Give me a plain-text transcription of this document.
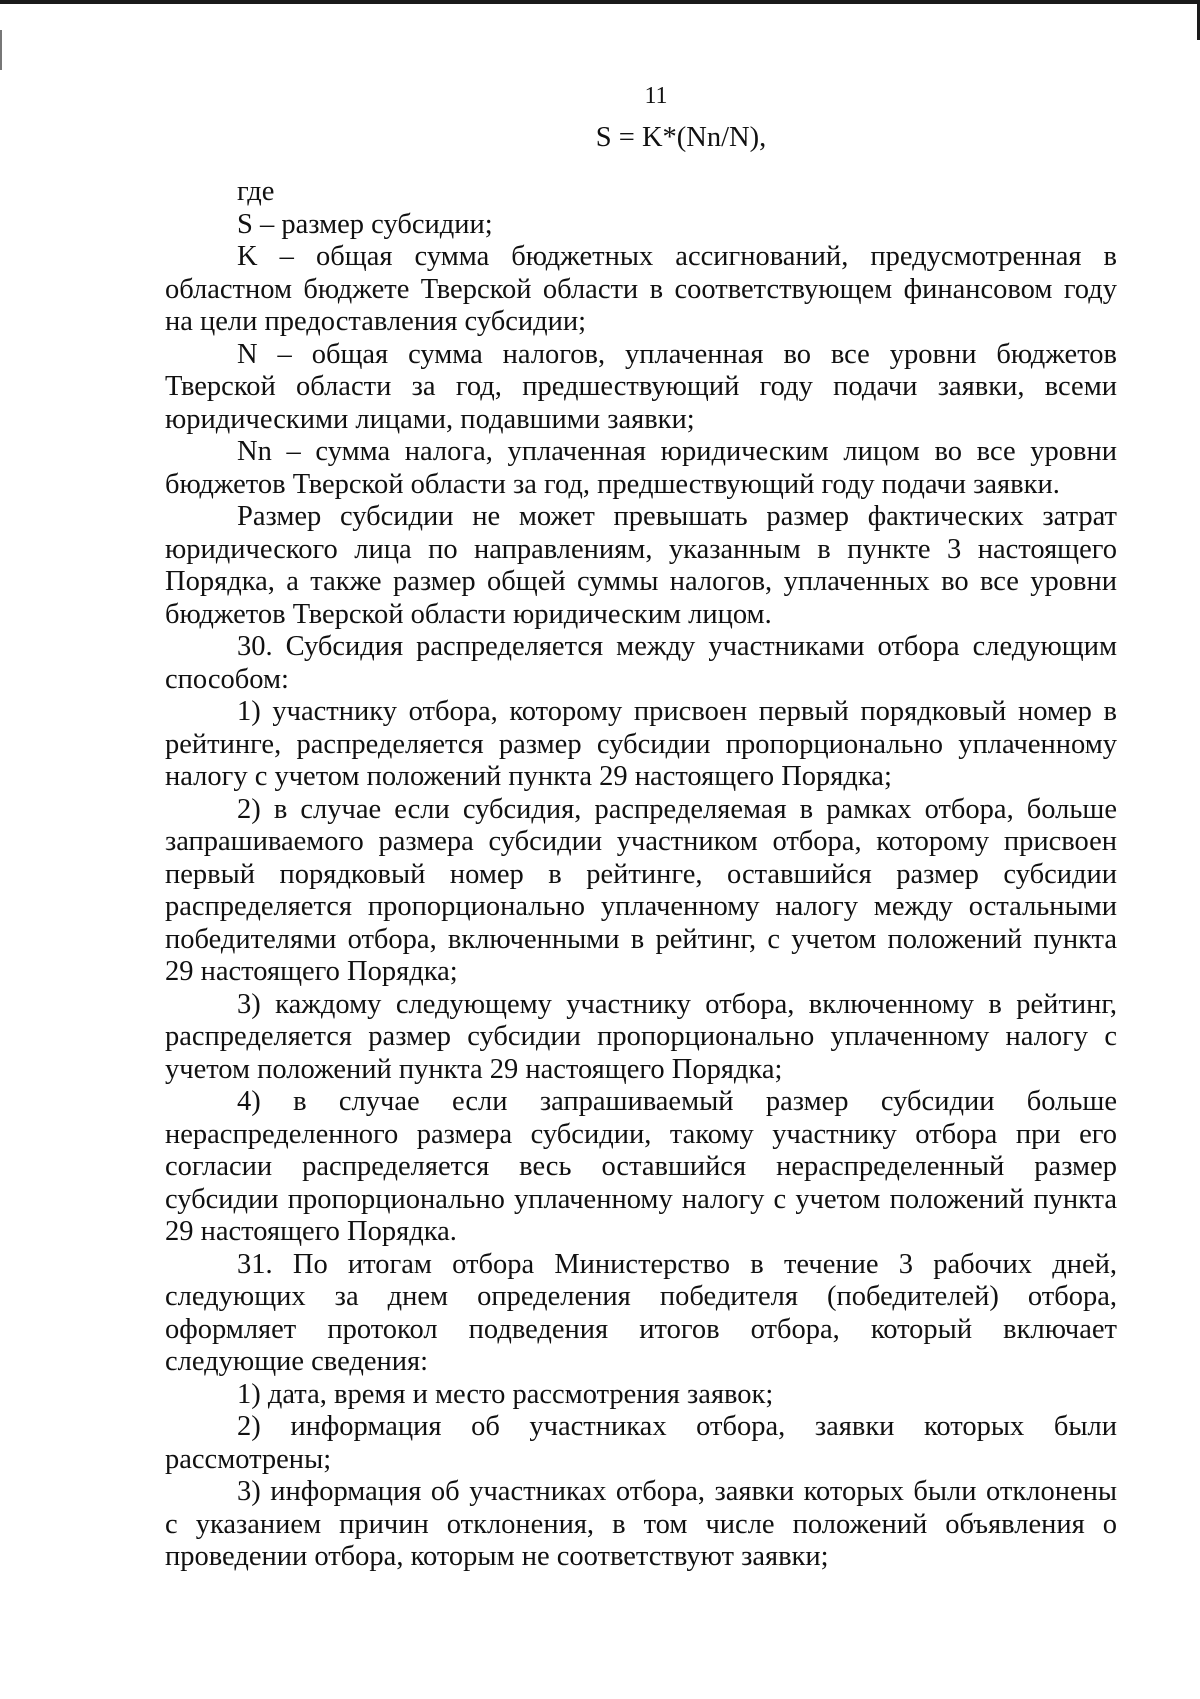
11
S = K*(Nn/N),

где

S – размер субсидии;

K – общая сумма бюджетных ассигнований, предусмотренная в областном бюджете Тверской области в соответствующем финансовом году на цели предоставления субсидии;

N – общая сумма налогов, уплаченная во все уровни бюджетов Тверской области за год, предшествующий году подачи заявки, всеми юридическими лицами, подавшими заявки;

Nn – сумма налога, уплаченная юридическим лицом во все уровни бюджетов Тверской области за год, предшествующий году подачи заявки.

Размер субсидии не может превышать размер фактических затрат юридического лица по направлениям, указанным в пункте 3 настоящего Порядка, а также размер общей суммы налогов, уплаченных во все уровни бюджетов Тверской области юридическим лицом.

30. Субсидия распределяется между участниками отбора следующим способом:

1) участнику отбора, которому присвоен первый порядковый номер в рейтинге, распределяется размер субсидии пропорционально уплаченному налогу с учетом положений пункта 29 настоящего Порядка;

2) в случае если субсидия, распределяемая в рамках отбора, больше запрашиваемого размера субсидии участником отбора, которому присвоен первый порядковый номер в рейтинге, оставшийся размер субсидии распределяется пропорционально уплаченному налогу между остальными победителями отбора, включенными в рейтинг, с учетом положений пункта 29 настоящего Порядка;

3) каждому следующему участнику отбора, включенному в рейтинг, распределяется размер субсидии пропорционально уплаченному налогу с учетом положений пункта 29 настоящего Порядка;

4) в случае если запрашиваемый размер субсидии больше нераспределенного размера субсидии, такому участнику отбора при его согласии распределяется весь оставшийся нераспределенный размер субсидии пропорционально уплаченному налогу с учетом положений пункта 29 настоящего Порядка.

31. По итогам отбора Министерство в течение 3 рабочих дней, следующих за днем определения победителя (победителей) отбора, оформляет протокол подведения итогов отбора, который включает следующие сведения:

1) дата, время и место рассмотрения заявок;

2) информация об участниках отбора, заявки которых были рассмотрены;

3) информация об участниках отбора, заявки которых были отклонены с указанием причин отклонения, в том числе положений объявления о проведении отбора, которым не соответствуют заявки;
